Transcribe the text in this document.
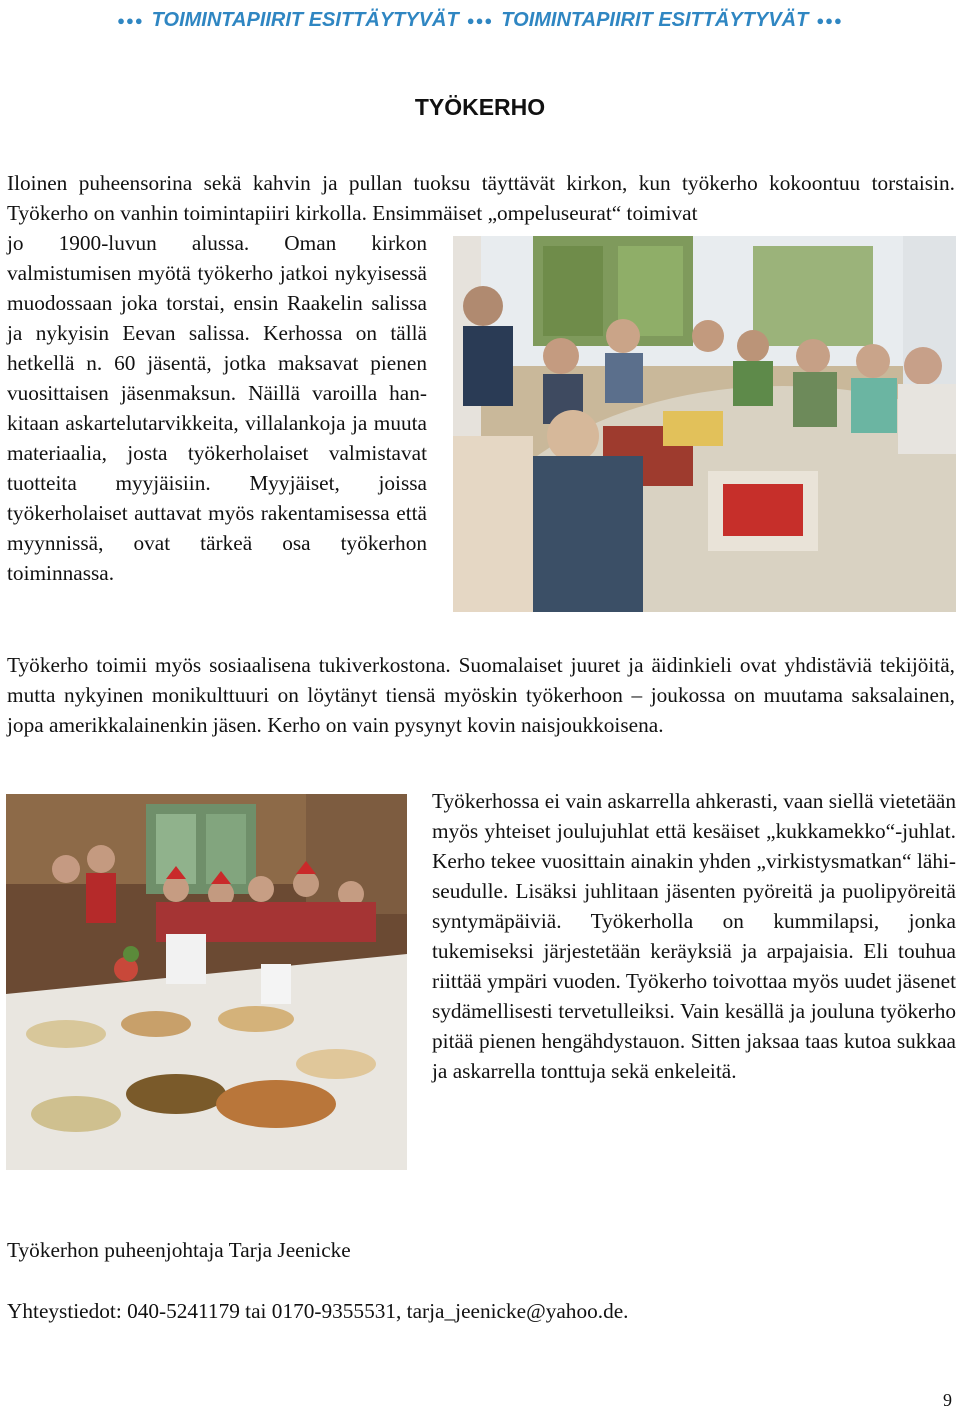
●●● TOIMINTAPIIRIT ESITTÄYTYVÄT ●●● TOIMINTAPIIRIT ESITTÄYTYVÄT ●●●
TYÖKERHO

Iloinen puheensorina sekä kahvin ja pullan tuoksu täyttävät kirkon, kun työkerho kokoontuu torstaisin. Työkerho on vanhin toimintapiiri kirkolla. Ensimmäiset „ompeluseurat“ toimivat

jo 1900-luvun alussa. Oman kirkon valmistumisen myötä työkerho jatkoi nykyisessä muodossaan joka torstai, ensin Raakelin salissa ja nykyisin Eevan salissa. Kerhossa on tällä hetkellä n. 60 jäsentä, jotka maksavat pienen vuosittaisen jäsenmaksun. Näillä varoilla hankitaan askartelutarvikkeita, villalankoja ja muuta materiaalia, josta työkerholaiset valmistavat tuotteita myyjäisiin. Myyjäiset, joissa työkerholaiset auttavat myös rakentamisessa että myynnissä, ovat tärkeä osa työkerhon toiminnassa.

Työkerho toimii myös sosiaalisena tukiverkostona. Suomalaiset juuret ja äidinkieli ovat yhdistäviä tekijöitä, mutta nykyinen monikulttuuri on löytänyt tiensä myöskin työkerhoon – joukossa on muutama saksalainen, jopa amerikkalainenkin jäsen. Kerho on vain pysynyt kovin naisjoukkoisena.

Työkerhossa ei vain askarrella ahkerasti, vaan siellä vietetään myös yhteiset joulujuhlat että kesäiset „kukkamekko“-juhlat. Kerho tekee vuosittain ainakin yhden „virkistysmatkan“ lähiseudulle. Lisäksi juhlitaan jäsenten pyöreitä ja puolipyöreitä syntymäpäiviä. Työkerholla on kummilapsi, jonka tukemiseksi järjestetään keräyksiä ja arpajaisia. Eli touhua riittää ympäri vuoden. Työkerho toivottaa myös uudet jäsenet sydämellisesti tervetulleiksi. Vain kesällä ja jouluna työkerho pitää pienen hengähdystauon. Sitten jaksaa taas kutoa sukkaa ja askarrella tonttuja sekä enkeleitä.

Työkerhon puheenjohtaja Tarja Jeenicke

Yhteystiedot: 040-5241179 tai 0170-9355531, tarja_jeenicke@yahoo.de.

9
